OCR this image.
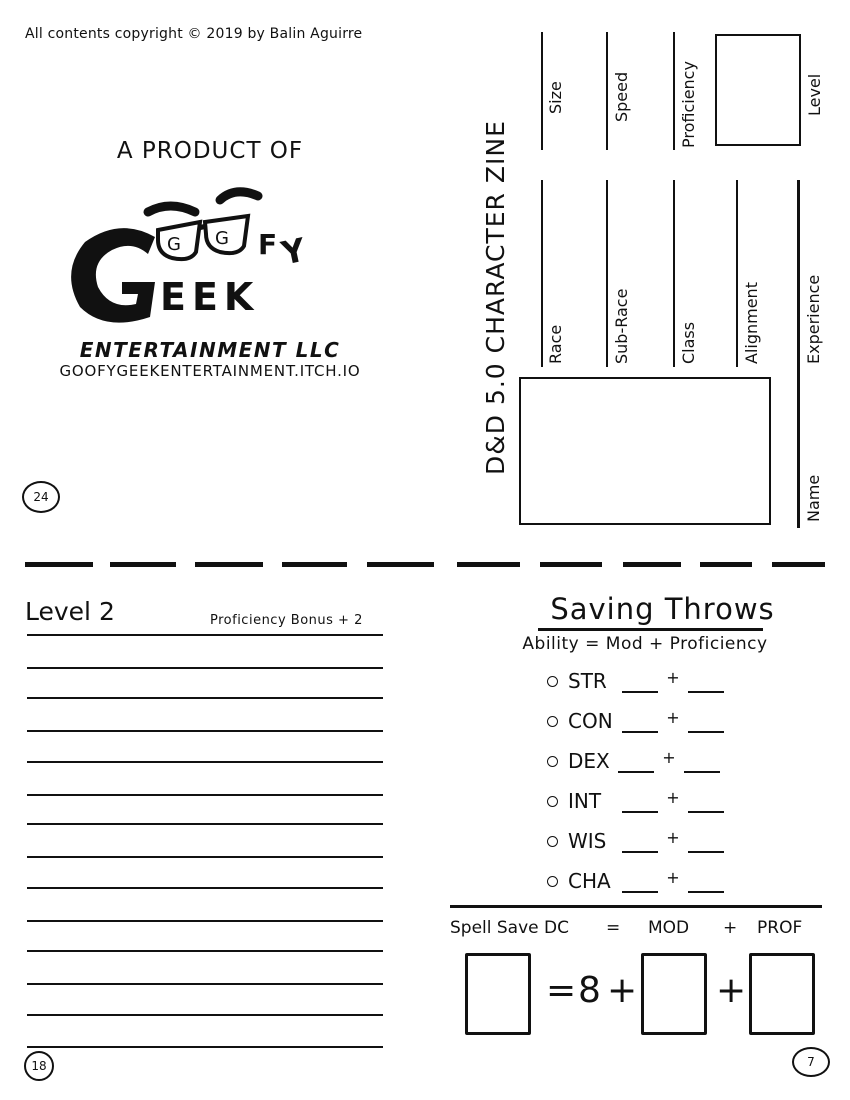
All contents copyright © 2019 by Balin Aguirre
A PRODUCT OF
G G F Y
EEK
ENTERTAINMENT LLC
GOOFYGEEKENTERTAINMENT.ITCH.IO
24
D&D 5.0 CHARACTER ZINE
Size	Speed	Proficiency	Level
Race	Sub-Race	Class	Alignment	Experience
Name
Level 2	Proficiency Bonus + 2
18
Saving Throws
Ability = Mod + Proficiency
STR	+
CON	+
DEX	+
INT	+
WIS	+
CHA	+
Spell Save DC = MOD + PROF
= 8 + +
7
